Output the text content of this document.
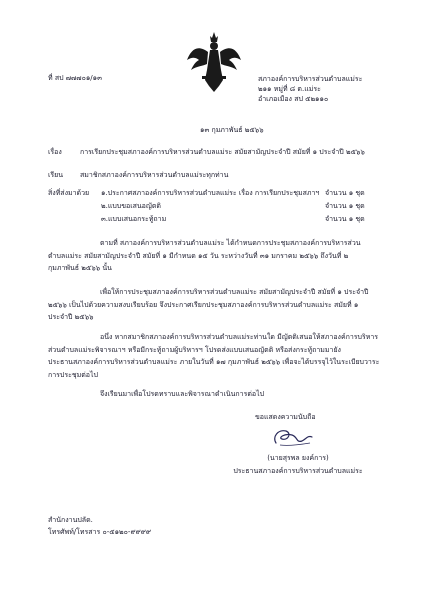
ที่ สป ๗๗๗๐๑/๑๓	สภาองค์การบริหารส่วนตำบลแม่ระ
๒๑๑ หมู่ที่ ๘ ต.แม่ระ
อำเภอเมือง สป ๕๒๑๑๐
๑๓ กุมภาพันธ์ ๒๕๖๖
เรื่อง	การเรียกประชุมสภาองค์การบริหารส่วนตำบลแม่ระ สมัยสามัญประจำปี สมัยที่ ๑ ประจำปี ๒๕๖๖
เรียน สมาชิกสภาองค์การบริหารส่วนตำบลแม่ระทุกท่าน
สิ่งที่ส่งมาด้วย ๑.ประกาศสภาองค์การบริหารส่วนตำบลแม่ระ เรื่อง การเรียกประชุมสภาฯ จำนวน ๑ ชุด
๒.แบบขอเสนอญัตติ	จำนวน ๑ ชุด
๓.แบบเสนอกระทู้ถาม	จำนวน ๑ ชุด
ตามที่ สภาองค์การบริหารส่วนตำบลแม่ระ ได้กำหนดการประชุมสภาองค์การบริหารส่วน
ตำบลแม่ระ สมัยสามัญประจำปี สมัยที่ ๑ มีกำหนด ๑๕ วัน ระหว่างวันที่ ๓๑ มกราคม ๒๕๖๖ ถึงวันที่ ๒
กุมภาพันธ์ ๒๕๖๖ นั้น
เพื่อให้การประชุมสภาองค์การบริหารส่วนตำบลแม่ระ สมัยสามัญประจำปี สมัยที่ ๑ ประจำปี
๒๕๖๖ เป็นไปด้วยความสงบเรียบร้อย จึงประกาศเรียกประชุมสภาองค์การบริหารส่วนตำบลแม่ระ สมัยที่ ๑
ประจำปี ๒๕๖๖
อนึ่ง หากสมาชิกสภาองค์การบริหารส่วนตำบลแม่ระท่านใด มีญัตติเสนอให้สภาองค์การบริหาร
ส่วนตำบลแม่ระพิจารณาฯ หรือมีกระทู้ถามผู้บริหารฯ โปรดส่งแบบเสนอญัตติ หรือส่งกระทู้ถามมายัง
ประธานสภาองค์การบริหารส่วนตำบลแม่ระ ภายในวันที่ ๑๗ กุมภาพันธ์ ๒๕๖๖ เพื่อจะได้บรรจุไว้ในระเบียบวาระ
การประชุมต่อไป
จึงเรียนมาเพื่อโปรดทราบและพิจารณาดำเนินการต่อไป
ขอแสดงความนับถือ
(นายสุรพล ยงค์การ)
ประธานสภาองค์การบริหารส่วนตำบลแม่ระ
สำนักงานปลัด.
โทรศัพท์/โทรสาร ๐-๕๑๒๐-๙๙๙๙
